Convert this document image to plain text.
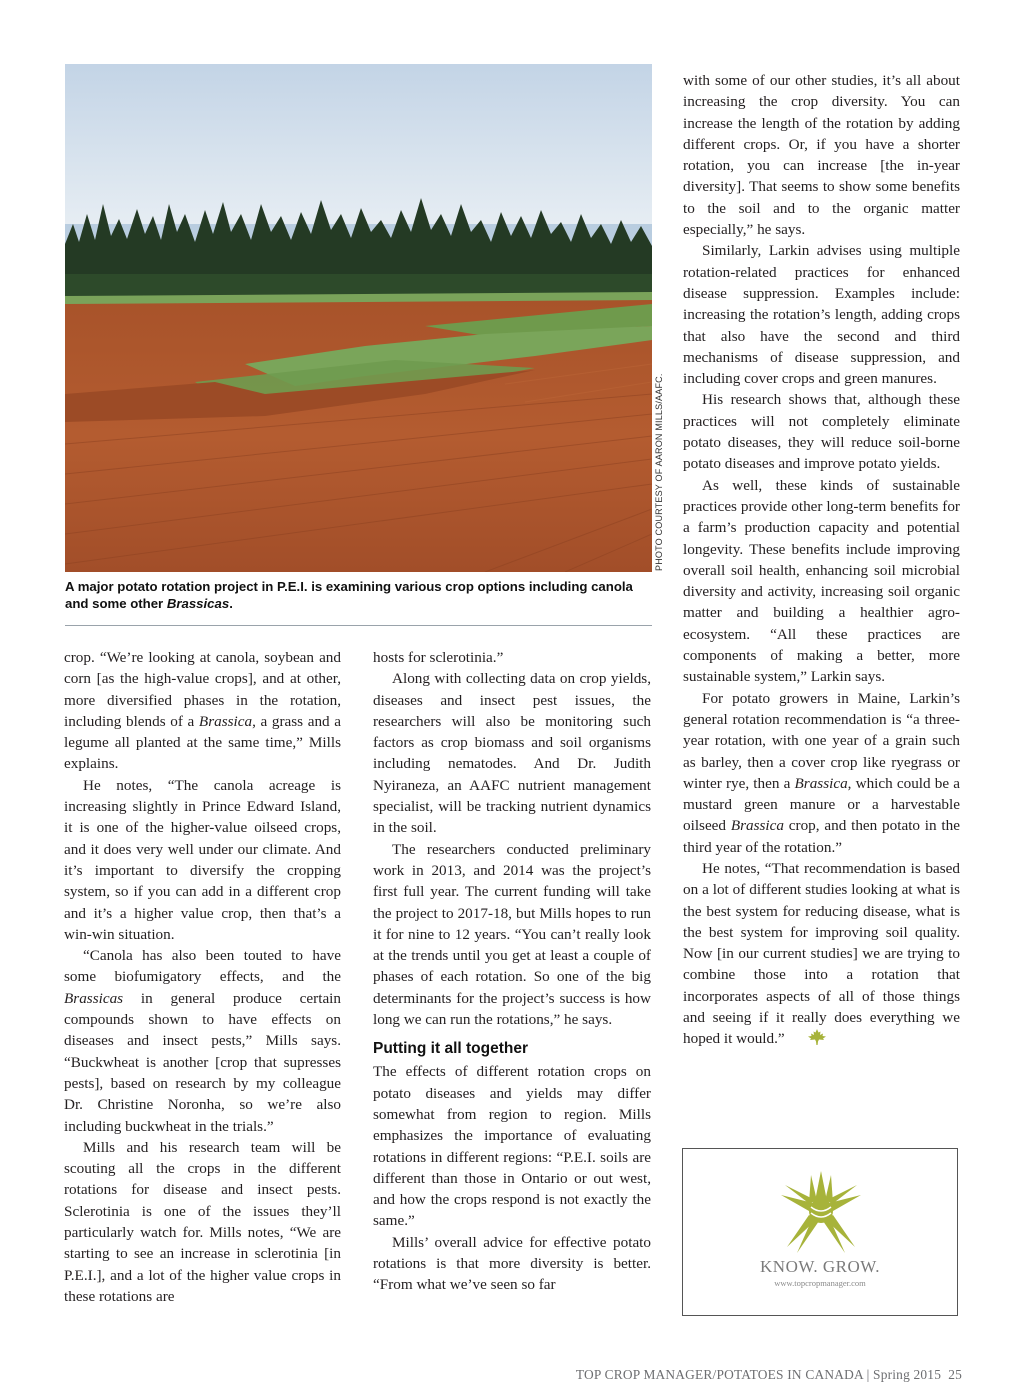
PHOTO COURTESY OF AARON MILLS/AAFC.
A major potato rotation project in P.E.I. is examining various crop options including canola and some other Brassicas.

crop. “We’re looking at canola, soybean and corn [as the high-value crops], and at other, more diversified phases in the rotation, including blends of a Brassica, a grass and a legume all planted at the same time,” Mills explains.

He notes, “The canola acreage is increasing slightly in Prince Edward Island, it is one of the higher-value oilseed crops, and it does very well under our climate. And it’s important to diversify the cropping system, so if you can add in a different crop and it’s a higher value crop, then that’s a win-win situation.

“Canola has also been touted to have some biofumigatory effects, and the Brassicas in general produce certain compounds shown to have effects on diseases and insect pests,” Mills says. “Buckwheat is another [crop that supresses pests], based on research by my colleague Dr. Christine Noronha, so we’re also including buckwheat in the trials.”

Mills and his research team will be scouting all the crops in the different rotations for disease and insect pests. Sclerotinia is one of the issues they’ll particularly watch for. Mills notes, “We are starting to see an increase in sclerotinia [in P.E.I.], and a lot of the higher value crops in these rotations are

hosts for sclerotinia.”

Along with collecting data on crop yields, diseases and insect pest issues, the researchers will also be monitoring such factors as crop biomass and soil organisms including nematodes. And Dr. Judith Nyiraneza, an AAFC nutrient management specialist, will be tracking nutrient dynamics in the soil.

The researchers conducted preliminary work in 2013, and 2014 was the project’s first full year. The current funding will take the project to 2017-18, but Mills hopes to run it for nine to 12 years. “You can’t really look at the trends until you get at least a couple of phases of each rotation. So one of the big determinants for the project’s success is how long we can run the rotations,” he says.

Putting it all together

The effects of different rotation crops on potato diseases and yields may differ somewhat from region to region. Mills emphasizes the importance of evaluating rotations in different regions: “P.E.I. soils are different than those in Ontario or out west, and how the crops respond is not exactly the same.”

Mills’ overall advice for effective potato rotations is that more diversity is better. “From what we’ve seen so far

with some of our other studies, it’s all about increasing the crop diversity. You can increase the length of the rotation by adding different crops. Or, if you have a shorter rotation, you can increase [the in-year diversity]. That seems to show some benefits to the soil and to the organic matter especially,” he says.

Similarly, Larkin advises using multiple rotation-related practices for enhanced disease suppression. Examples include: increasing the rotation’s length, adding crops that also have the second and third mechanisms of disease suppression, and including cover crops and green manures.

His research shows that, although these practices will not completely eliminate potato diseases, they will reduce soil-borne potato diseases and improve potato yields.

As well, these kinds of sustainable practices provide other long-term benefits for a farm’s production capacity and potential longevity. These benefits include improving overall soil health, enhancing soil microbial diversity and activity, increasing soil organic matter and building a healthier agro-ecosystem. “All these practices are components of making a better, more sustainable system,” Larkin says.

For potato growers in Maine, Larkin’s general rotation recommendation is “a three-year rotation, with one year of a grain such as barley, then a cover crop like ryegrass or winter rye, then a Brassica, which could be a mustard green manure or a harvestable oilseed Brassica crop, and then potato in the third year of the rotation.”

He notes, “That recommendation is based on a lot of different studies looking at what is the best system for reducing disease, what is the best system for improving soil quality. Now [in our current studies] we are trying to combine those into a rotation that incorporates aspects of all of those things and seeing if it really does everything we hoped it would.”

KNOW. GROW.
www.topcropmanager.com
TOP CROP MANAGER/POTATOES IN CANADA | Spring 2015 25
